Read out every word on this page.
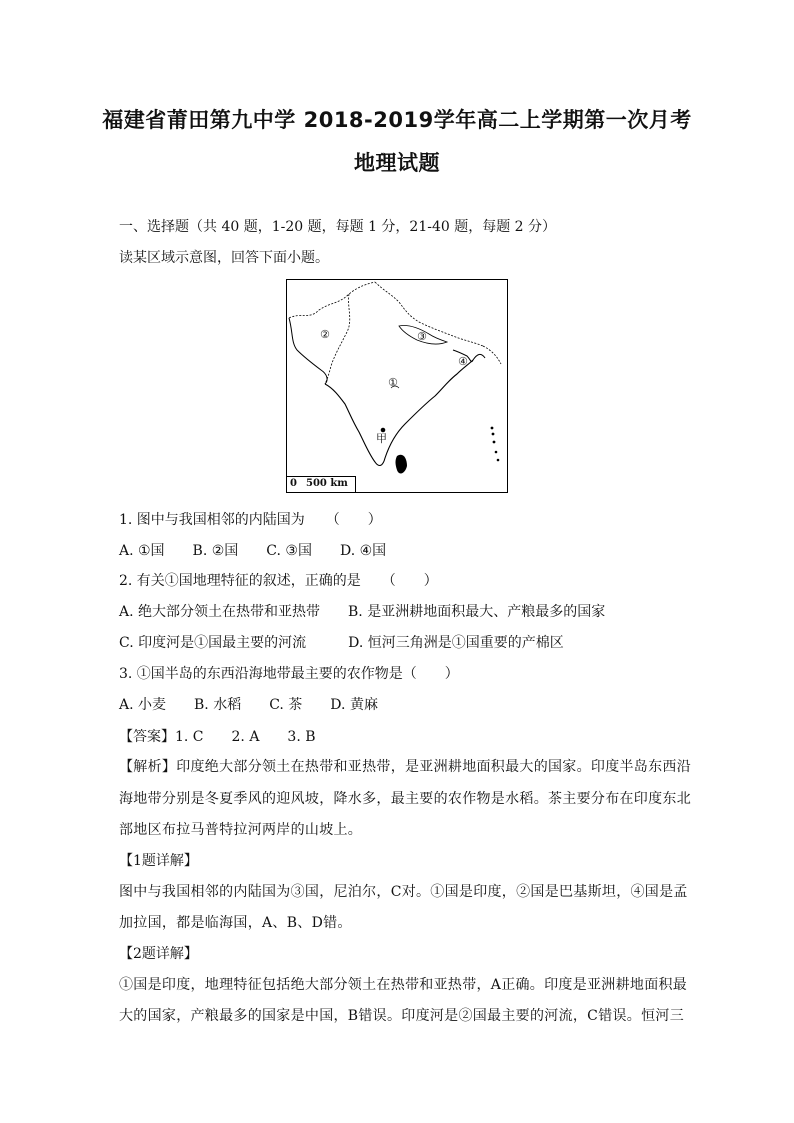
福建省莆田第九中学 2018-2019学年高二上学期第一次月考
地理试题
一、选择题（共 40 题，1-20 题，每题 1 分，21-40 题，每题 2 分）
读某区域示意图，回答下面小题。
②	③
④
①
甲
0 500 km
1. 图中与我国相邻的内陆国为　　（　　）
A. ①国　　B. ②国　　C. ③国　　D. ④国
2. 有关①国地理特征的叙述，正确的是　　（　　）
A. 绝大部分领土在热带和亚热带　　B. 是亚洲耕地面积最大、产粮最多的国家
C. 印度河是①国最主要的河流　　　D. 恒河三角洲是①国重要的产棉区
3. ①国半岛的东西沿海地带最主要的农作物是（　　）
A. 小麦　　B. 水稻　　C. 茶　　D. 黄麻
【答案】1. C　　2. A　　3. B
【解析】印度绝大部分领土在热带和亚热带，是亚洲耕地面积最大的国家。印度半岛东西沿
海地带分别是冬夏季风的迎风坡，降水多，最主要的农作物是水稻。茶主要分布在印度东北
部地区布拉马普特拉河两岸的山坡上。
【1题详解】
图中与我国相邻的内陆国为③国，尼泊尔，C对。①国是印度，②国是巴基斯坦，④国是孟
加拉国，都是临海国，A、B、D错。
【2题详解】
①国是印度，地理特征包括绝大部分领土在热带和亚热带，A正确。印度是亚洲耕地面积最
大的国家，产粮最多的国家是中国，B错误。印度河是②国最主要的河流，C错误。恒河三
